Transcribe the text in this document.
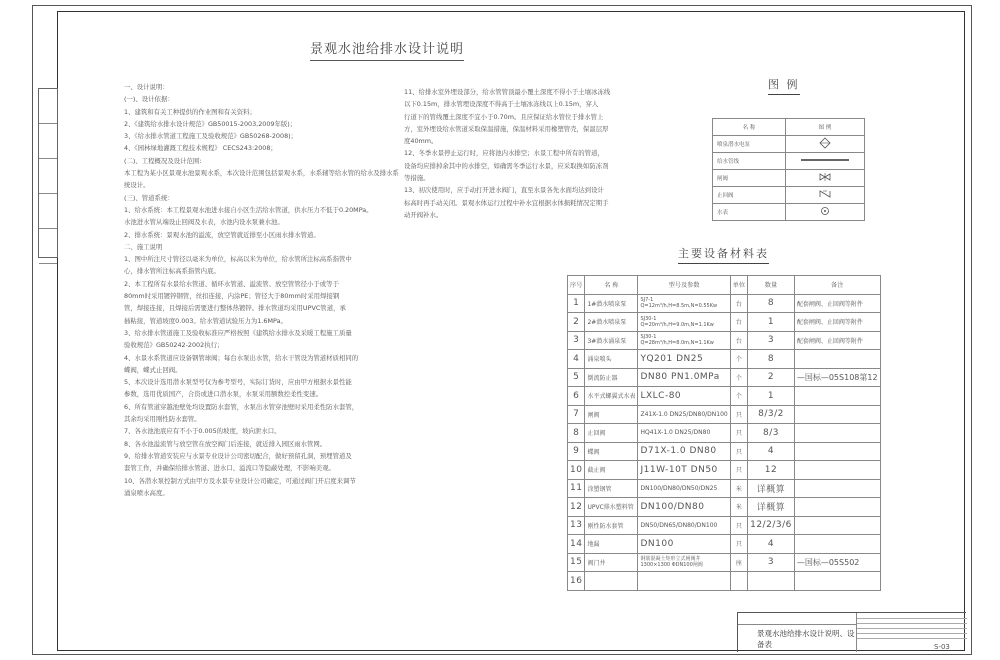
景观水池给排水设计说明

一、设计说明：

(一)、设计依据：

1、建筑和有关工种提供的作业图和有关资料；

2、《建筑给水排水设计规范》GB50015-2003,2009年版)；

3、《给水排水管道工程施工及验收规范》GB50268-2008)；

4、《园林绿地灌溉工程技术规程》 CECS243:2008；

(二)、工程概况及设计范围:

本工程为某小区景观水池景观水系，本次设计范围包括景观水系，水系辅等给水管的给水及排水系

统设计。

(三)、管道系统：

1、给水系统：本工程景观水池进水接自小区生活给水管道，供水压力不低于0.20MPa。

水池进水管从端设止回阀及水表，水池内设水泵兼水池。

2、排水系统：景观水池的溢流，放空管就近排至小区雨水排水管道。

二、施工说明

1、图中所注尺寸管径以毫米为单位，标高以米为单位，给水管所注标高系指管中

心，排水管所注标高系指管内底。

2、本工程所有水景给水管道、循环水管道、溢流管、放空管管径小于或等于

80mm时采用镀锌钢管，丝扣连接，内涂PE；管径大于80mm时采用焊接钢

管，焊接连接，且焊接后需要进行整体热镀锌。排水管道均采用UPVC管道，承

插粘接，管道坡度0.003。给水管道试验压力为1.6MPa。

3、给水排水管道施工及验收标准应严格按照《建筑给水排水及采暖工程施工质量

验收规范》GB50242-2002执行；

4、水景水系管道应设备钢管球阀；每台水泵出水管，给水干管设为管道材质相同的

蝶阀，蝶式止回阀。

5、本次设计选用潜水泵型号仅为参考型号，实际订货时，应由甲方根据水景性能

参数，选用优质国产，合资或进口潜水泵，水泵采用额数控柔性变速。

6、所有管道穿越池壁处均设置防水套管，水泵出水管穿池壁时采用柔性防水套管，

其余均采用刚性防水套管。

7、各水池池底应有不小于0.005的坡度，坡向泄水口。

8、各水池溢流管与放空管在放空阀门后连接，就近排入园区雨水管网。

9、给排水管道安装应与水景专业设计公司密切配合，做好预留孔洞，预埋管道及

套管工作，并确保给排水管道、进水口、溢流口等隐蔽处理，不影响美观。

10、各潜水泵控制方式由甲方及水景专业设计公司确定，可通过阀门开启度来调节

涌泉喷水高度。

11、给排水室外埋设部分，给水管管顶最小覆土深度不得小于土壤冰冻线

以下0.15m，排水管埋设深度不得高于土壤冰冻线以上0.15m，穿人

行道下的管线覆土深度不宜小于0.70m。且应保证给水管位于排水管上

方，室外埋设给水管道采取保温措施，保温材料采用橡塑管壳，保温层厚

度40mm。

12、冬季水景停止运行时，应将池内水排空；水景工程中所有的管道，

设备均应排掉余其中的水排空，如确需冬季运行水景，应采取换如防冻剂

等措施。

13、初次使用时，应手动打开进水阀门，直至水景各先水面均达到设计

标高时再手动关闭。景观水体运行过程中补水宜根据水体损耗情况定期手

动开阀补水。

图 例
名 称	图 例
喷泉潜水电泵	
给水管线	
闸阀	
止回阀	
水表	
主要设备材料表
序号	名 称	型号及参数	单位	数量	备注
1	1#潜水喷泉泵	SJ7-1
Q=12m³/h,H=8.5m,N=0.55Kw	台	8	配套闸阀、止回阀等附件
2	2#潜水喷泉泵	SJ30-1
Q=20m³/h,H=9.0m,N=1.1Kw	台	1	配套闸阀、止回阀等附件
3	3#潜水涌泉泵	SJ30-1
Q=28m³/h,H=8.0m,N=1.1Kw	台	3	配套闸阀、止回阀等附件
4	涌泉喷头	YQ201 DN25	个	8	
5	倒流防止器	DN80 PN1.0MPa	个	2	—国标—05S108第12
6	水平式螺翼式水表	LXLC-80	个	1	
7	闸阀	Z41X-1.0 DN25/DN80/DN100	只	8/3/2	
8	止回阀	HQ41X-1.0 DN25/DN80	只	8/3	
9	蝶阀	D71X-1.0 DN80	只	4	
10	截止阀	J11W-10T DN50	只	12	
11	涂塑钢管	DN100/DN80/DN50/DN25	米	详概算	
12	UPVC排水塑料管	DN100/DN80	米	详概算	
13	刚性防水套管	DN50/DN65/DN80/DN100	只	12/2/3/6	
14	地漏	DN100	只	4	
15	阀门井	钢筋混凝土矩形立式闸阀井
1300×1300 ΦDN100闸阀	座	3	—国标—05S502
16					
景观水池给排水设计说明、设备表	S-03
